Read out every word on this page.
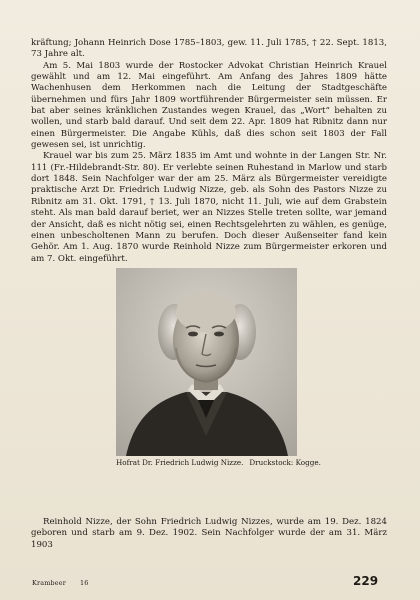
kräftung; Johann Heinrich Dose 1785–1803, gew. 11. Juli 1785, † 22. Sept. 1813, 73 Jahre alt.

Am 5. Mai 1803 wurde der Rostocker Advokat Christian Heinrich Krauel gewählt und am 12. Mai eingeführt. Am Anfang des Jahres 1809 hätte Wachenhusen dem Herkommen nach die Leitung der Stadtgeschäfte übernehmen und fürs Jahr 1809 wortführender Bürgermeister sein müssen. Er bat aber seines kränklichen Zustandes wegen Krauel, das „Wort“ behalten zu wollen, und starb bald darauf. Und seit dem 22. Apr. 1809 hat Ribnitz dann nur einen Bürgermeister. Die Angabe Kühls, daß dies schon seit 1803 der Fall gewesen sei, ist unrichtig.

Krauel war bis zum 25. März 1835 im Amt und wohnte in der Langen Str. Nr. 111 (Fr.-Hildebrandt-Str. 80). Er verlebte seinen Ruhestand in Marlow und starb dort 1848. Sein Nachfolger war der am 25. März als Bürgermeister vereidigte praktische Arzt Dr. Friedrich Ludwig Nizze, geb. als Sohn des Pastors Nizze zu Ribnitz am 31. Okt. 1791, † 13. Juli 1870, nicht 11. Juli, wie auf dem Grabstein steht. Als man bald darauf beriet, wer an Nizzes Stelle treten sollte, war jemand der Ansicht, daß es nicht nötig sei, einen Rechtsgelehrten zu wählen, es genüge, einen unbescholtenen Mann zu berufen. Doch dieser Außenseiter fand kein Gehör. Am 1. Aug. 1870 wurde Reinhold Nizze zum Bürgermeister erkoren und am 7. Okt. eingeführt.

Hofrat Dr. Friedrich Ludwig Nizze. Druckstock: Kogge.

Reinhold Nizze, der Sohn Friedrich Ludwig Nizzes, wurde am 19. Dez. 1824 geboren und starb am 9. Dez. 1902. Sein Nachfolger wurde der am 31. März 1903

Krambeer 16	229
